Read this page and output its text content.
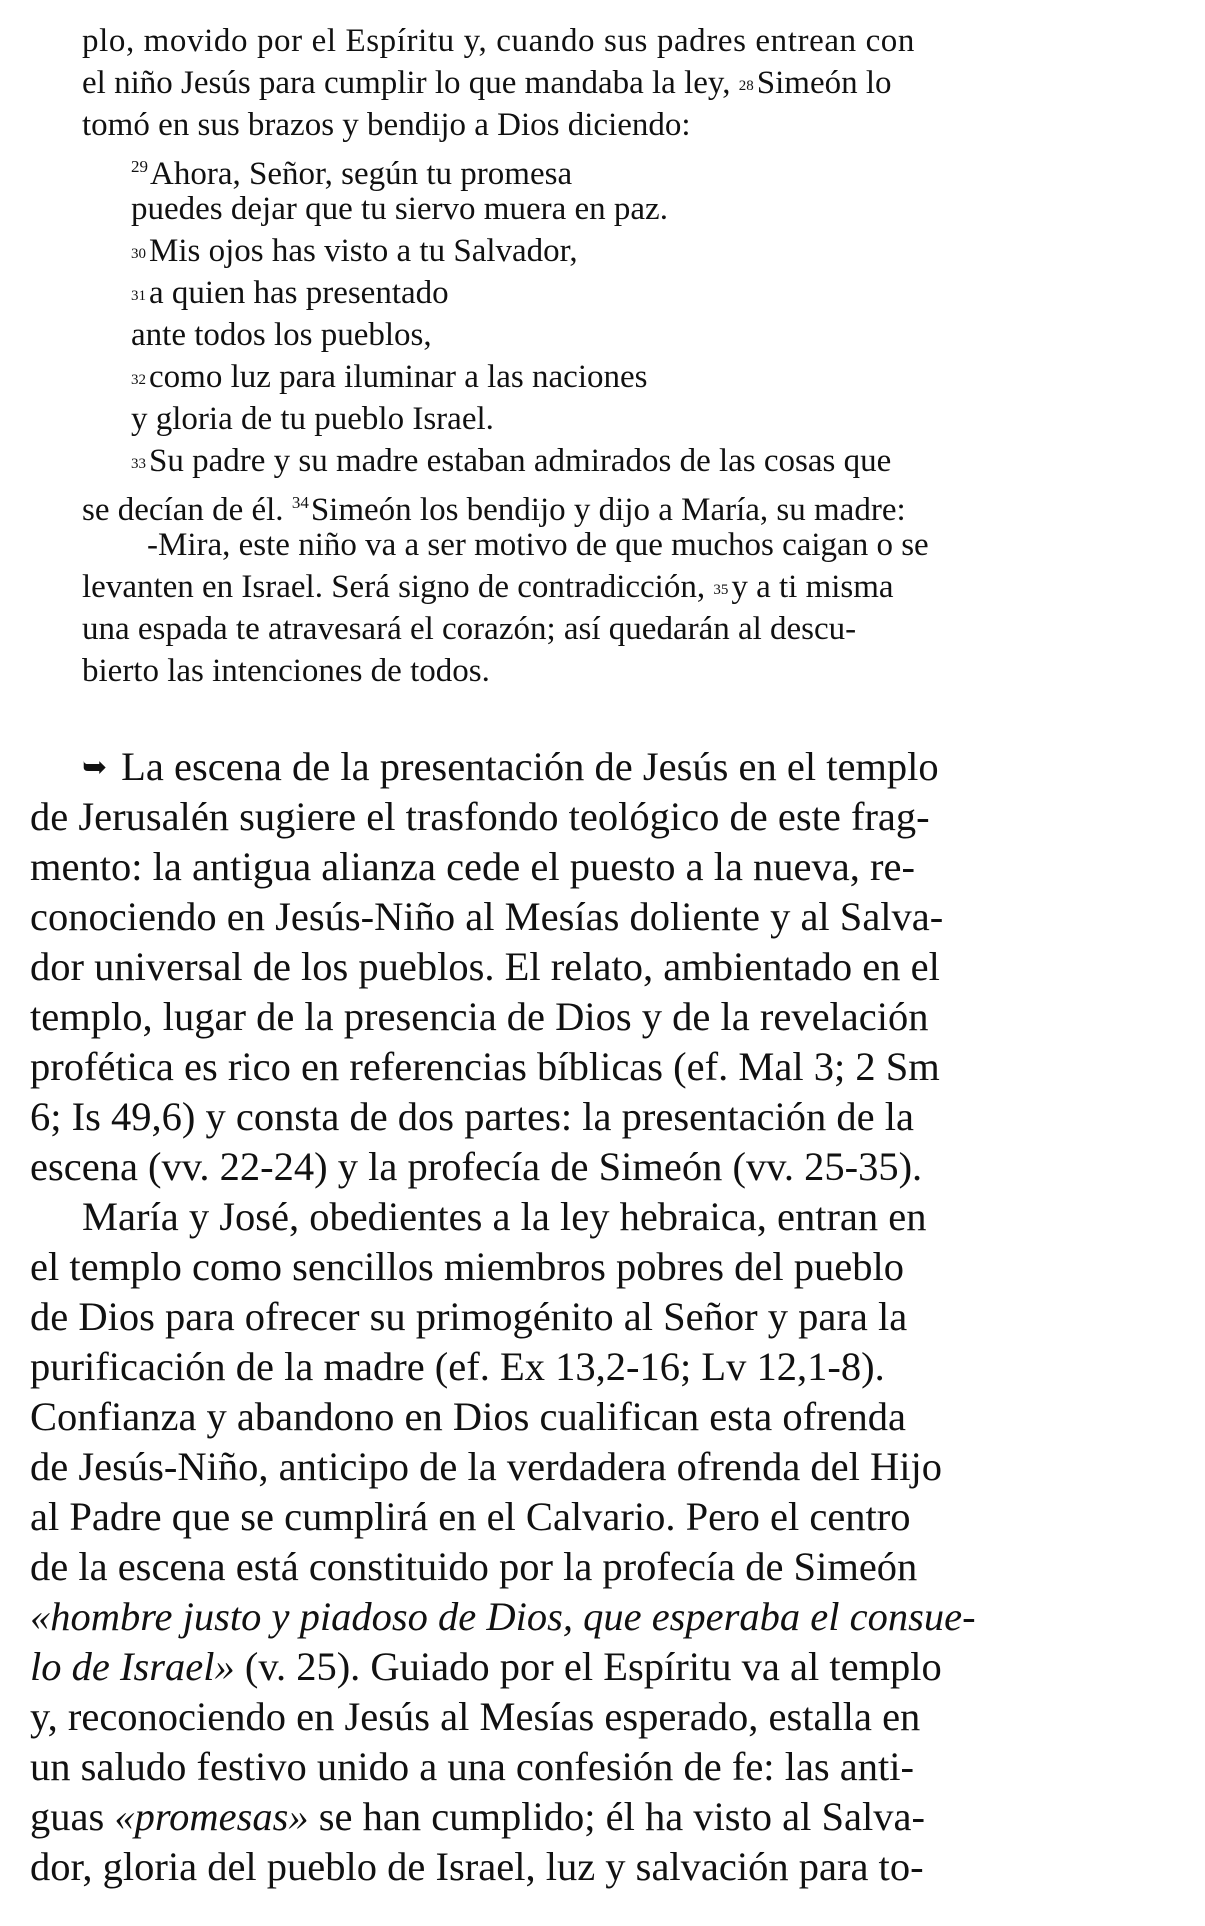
plo, movido por el Espíritu y, cuando sus padres entrean con
el niño Jesús para cumplir lo que mandaba la ley, 28Simeón lo
tomó en sus brazos y bendijo a Dios diciendo:
$^{29}$Ahora, Señor, según tu promesa
puedes dejar que tu siervo muera en paz.
30Mis ojos has visto a tu Salvador,
31a quien has presentado
ante todos los pueblos,
32como luz para iluminar a las naciones
y gloria de tu pueblo Israel.
33Su padre y su madre estaban admirados de las cosas que
se decían de él. $^{34}$Simeón los bendijo y dijo a María, su madre:
-Mira, este niño va a ser motivo de que muchos caigan o se
levanten en Israel. Será signo de contradicción, 35y a ti misma
una espada te atravesará el corazón; así quedarán al descu-
bierto las intenciones de todos.
➥ La escena de la presentación de Jesús en el templo
de Jerusalén sugiere el trasfondo teológico de este frag-
mento: la antigua alianza cede el puesto a la nueva, re-
conociendo en Jesús-Niño al Mesías doliente y al Salva-
dor universal de los pueblos. El relato, ambientado en el
templo, lugar de la presencia de Dios y de la revelación
profética es rico en referencias bíblicas (ef. Mal 3; 2 Sm
6; Is 49,6) y consta de dos partes: la presentación de la
escena (vv. 22-24) y la profecía de Simeón (vv. 25-35).
María y José, obedientes a la ley hebraica, entran en
el templo como sencillos miembros pobres del pueblo
de Dios para ofrecer su primogénito al Señor y para la
purificación de la madre (ef. Ex 13,2-16; Lv 12,1-8).
Confianza y abandono en Dios cualifican esta ofrenda
de Jesús-Niño, anticipo de la verdadera ofrenda del Hijo
al Padre que se cumplirá en el Calvario. Pero el centro
de la escena está constituido por la profecía de Simeón
«hombre justo y piadoso de Dios, que esperaba el consue-
lo de Israel» (v. 25). Guiado por el Espíritu va al templo
y, reconociendo en Jesús al Mesías esperado, estalla en
un saludo festivo unido a una confesión de fe: las anti-
guas «promesas» se han cumplido; él ha visto al Salva-
dor, gloria del pueblo de Israel, luz y salvación para to-
